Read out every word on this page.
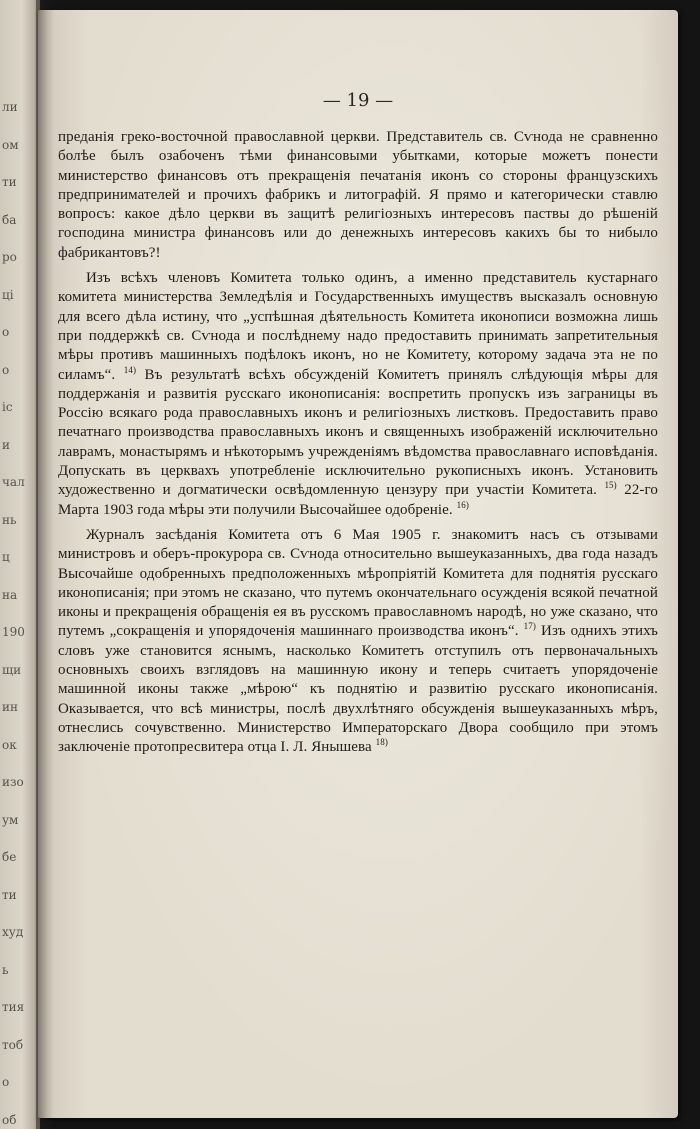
ли
ом
ти
ба
ро
ці
о
о
іс
и
чал
нь
ц
на
190
щи
ин
ок
изо
ум
бе
ти
худ
ь
тия
тоб
о
об
— 19 —

преданія греко-восточной православной церкви. Представитель св. Сѵнода не сравненно болѣе былъ озабоченъ тѣми финансовыми убытками, которые можетъ понести министерство финансовъ отъ прекращенія печатанія иконъ со стороны французскихъ предпринимателей и прочихъ фабрикъ и литографій. Я прямо и категорически ставлю вопросъ: какое дѣло церкви въ защитѣ религіозныхъ интересовъ паствы до рѣшеній господина министра финансовъ или до денежныхъ интересовъ какихъ бы то нибыло фабрикантовъ?!

Изъ всѣхъ членовъ Комитета только одинъ, а именно представитель кустарнаго комитета министерства Земледѣлія и Государственныхъ имуществъ высказалъ основную для всего дѣла истину, что „успѣшная дѣятельность Комитета иконописи возможна лишь при поддержкѣ св. Сѵнода и послѣднему надо предоставить принимать запретительныя мѣры противъ машинныхъ подѣлокъ иконъ, но не Комитету, которому задача эта не по силамъ“. $^{14)}$ Въ результатѣ всѣхъ обсужденій Комитетъ принялъ слѣдующія мѣры для поддержанія и развитія русскаго иконописанія: воспретить пропускъ изъ заграницы въ Россію всякаго рода православныхъ иконъ и религіозныхъ листковъ. Предоставить право печатнаго производства православныхъ иконъ и священныхъ изображеній исключительно лаврамъ, монастырямъ и нѣкоторымъ учрежденіямъ вѣдомства православнаго исповѣданія. Допускать въ церквахъ употребленіе исключительно рукописныхъ иконъ. Установить художественно и догматически освѣдомленную цензуру при участіи Комитета. $^{15)}$ 22-го Марта 1903 года мѣры эти получили Высочайшее одобреніе. $^{16)}$

Журналъ засѣданія Комитета отъ 6 Мая 1905 г. знакомитъ насъ съ отзывами министровъ и оберъ-прокурора св. Сѵнода относительно вышеуказанныхъ, два года назадъ Высочайше одобренныхъ предположенныхъ мѣропріятій Комитета для поднятія русскаго иконописанія; при этомъ не сказано, что путемъ окончательнаго осужденія всякой печатной иконы и прекращенія обращенія ея въ русскомъ православномъ народѣ, но уже сказано, что путемъ „сокращенія и упорядоченія машиннаго производства иконъ“. $^{17)}$ Изъ однихъ этихъ словъ уже становится яснымъ, насколько Комитетъ отступилъ отъ первоначальныхъ основныхъ своихъ взглядовъ на машинную икону и теперь считаетъ упорядоченіе машинной иконы также „мѣрою“ къ поднятію и развитію русскаго иконописанія. Оказывается, что всѣ министры, послѣ двухлѣтняго обсужденія вышеуказанныхъ мѣръ, отнеслись сочувственно. Министерство Императорскаго Двора сообщило при этомъ заключеніе протопресвитера отца І. Л. Янышева $^{18)}$
